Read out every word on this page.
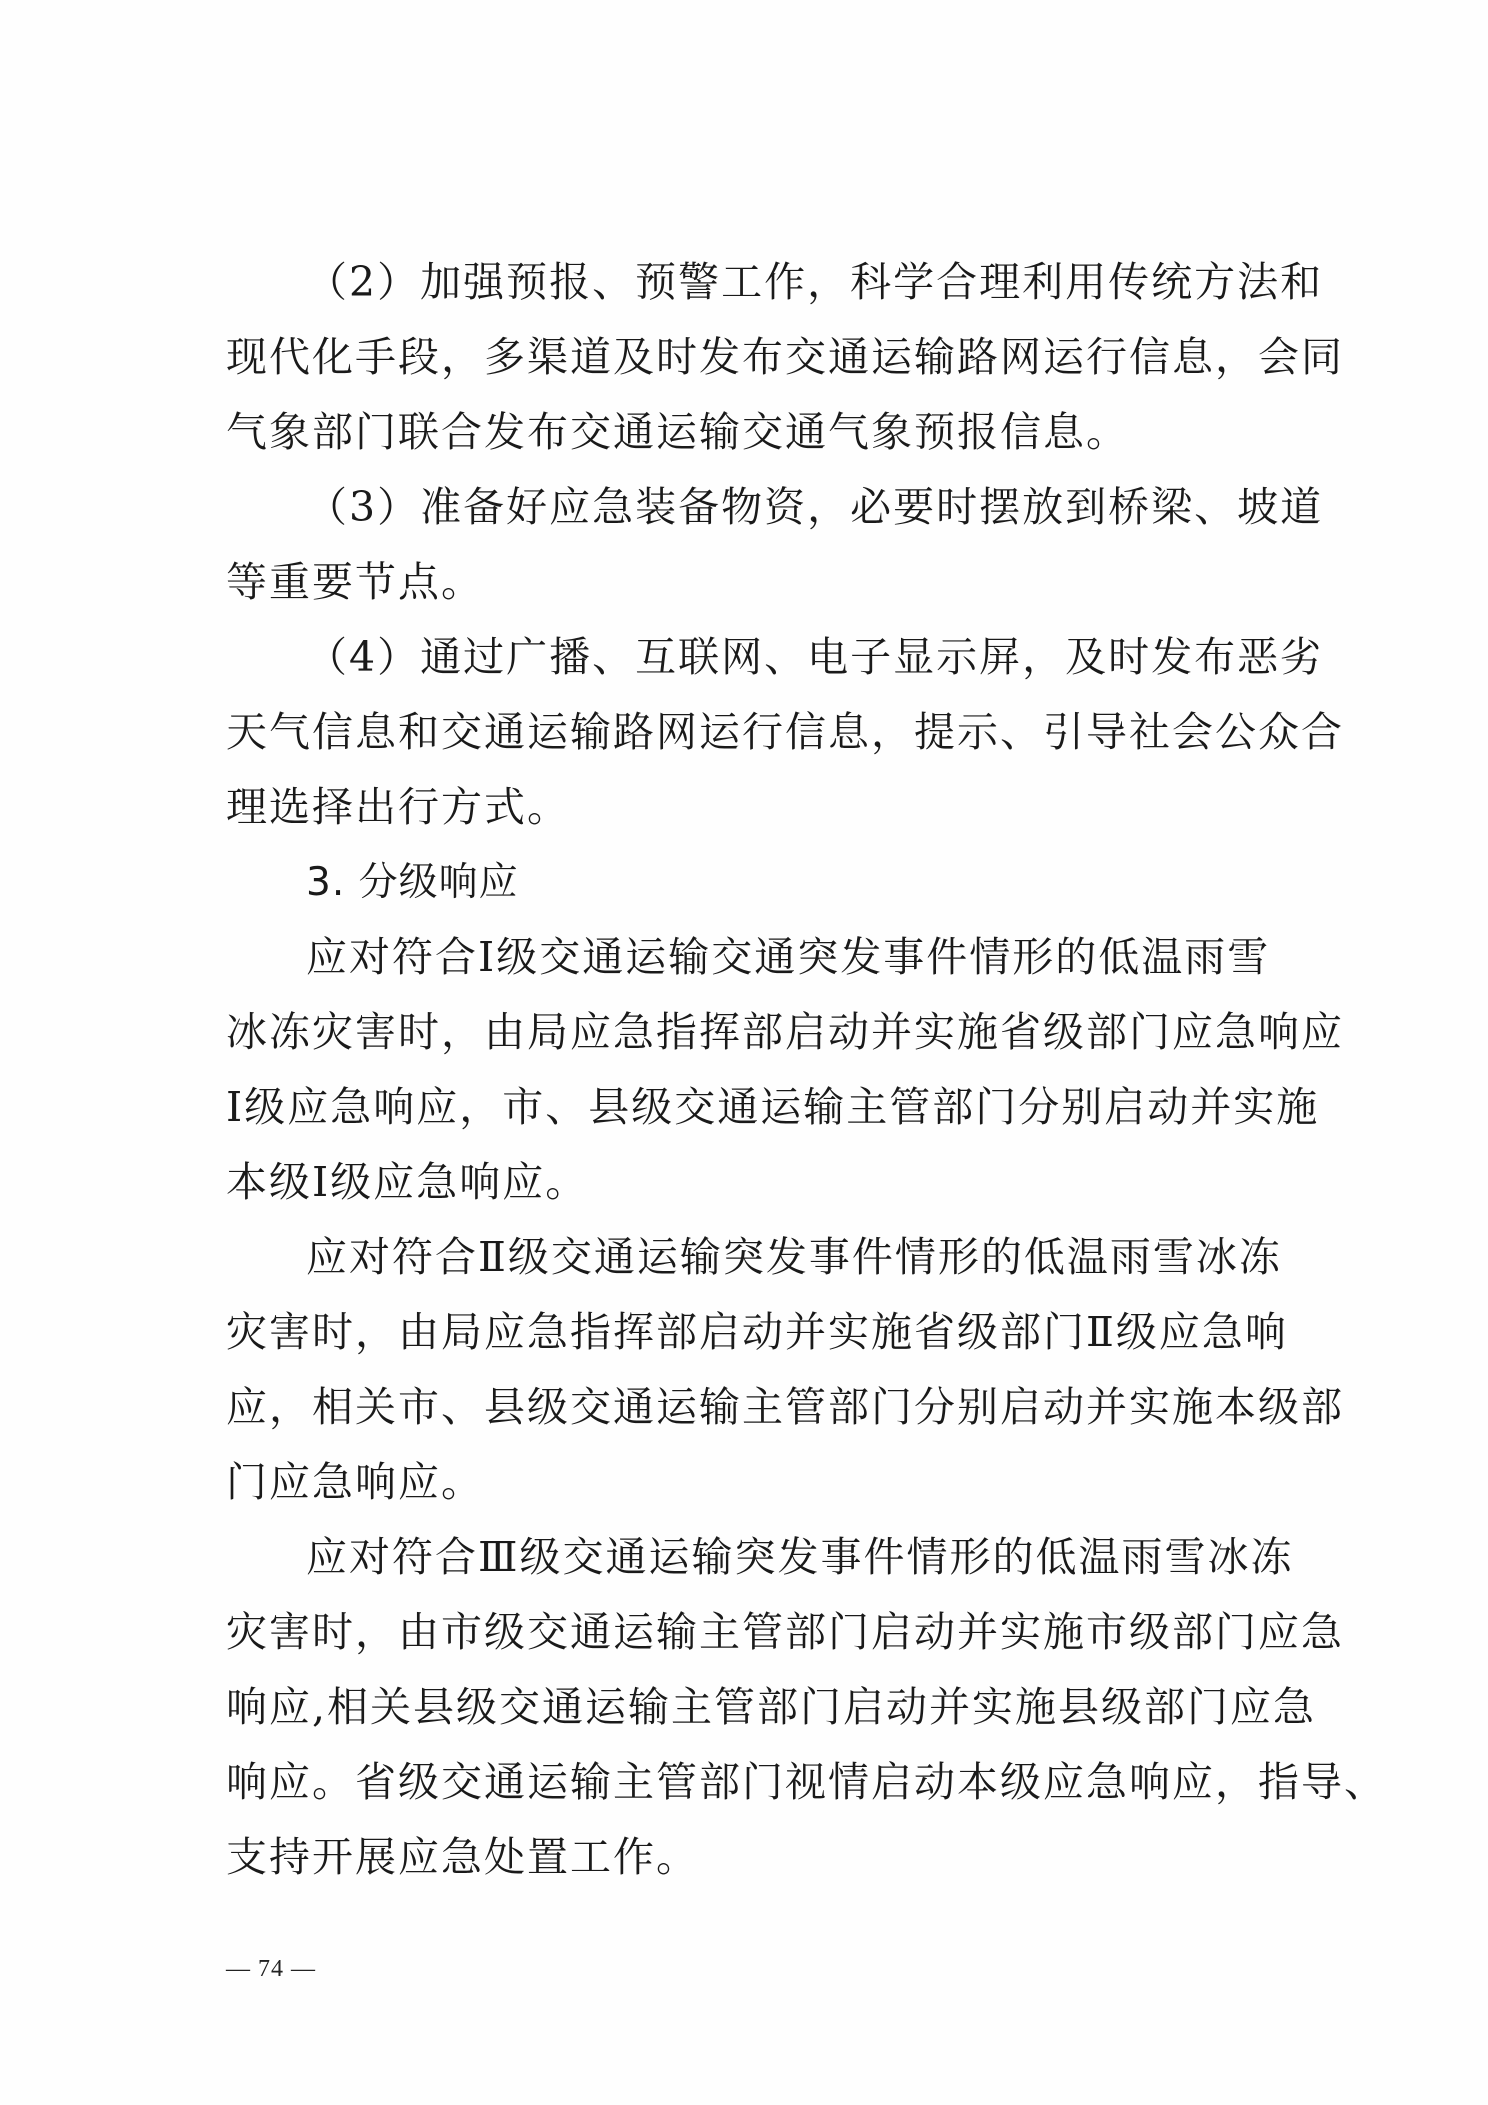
（2）加强预报、预警工作，科学合理利用传统方法和
现代化手段，多渠道及时发布交通运输路网运行信息，会同
气象部门联合发布交通运输交通气象预报信息。
（3）准备好应急装备物资，必要时摆放到桥梁、坡道
等重要节点。
（4）通过广播、互联网、电子显示屏，及时发布恶劣
天气信息和交通运输路网运行信息，提示、引导社会公众合
理选择出行方式。
3. 分级响应
应对符合Ⅰ级交通运输交通突发事件情形的低温雨雪
冰冻灾害时，由局应急指挥部启动并实施省级部门应急响应
Ⅰ级应急响应，市、县级交通运输主管部门分别启动并实施
本级Ⅰ级应急响应。
应对符合Ⅱ级交通运输突发事件情形的低温雨雪冰冻
灾害时，由局应急指挥部启动并实施省级部门Ⅱ级应急响
应，相关市、县级交通运输主管部门分别启动并实施本级部
门应急响应。
应对符合Ⅲ级交通运输突发事件情形的低温雨雪冰冻
灾害时，由市级交通运输主管部门启动并实施市级部门应急
响应,相关县级交通运输主管部门启动并实施县级部门应急
响应。省级交通运输主管部门视情启动本级应急响应，指导、
支持开展应急处置工作。
— 74 —
